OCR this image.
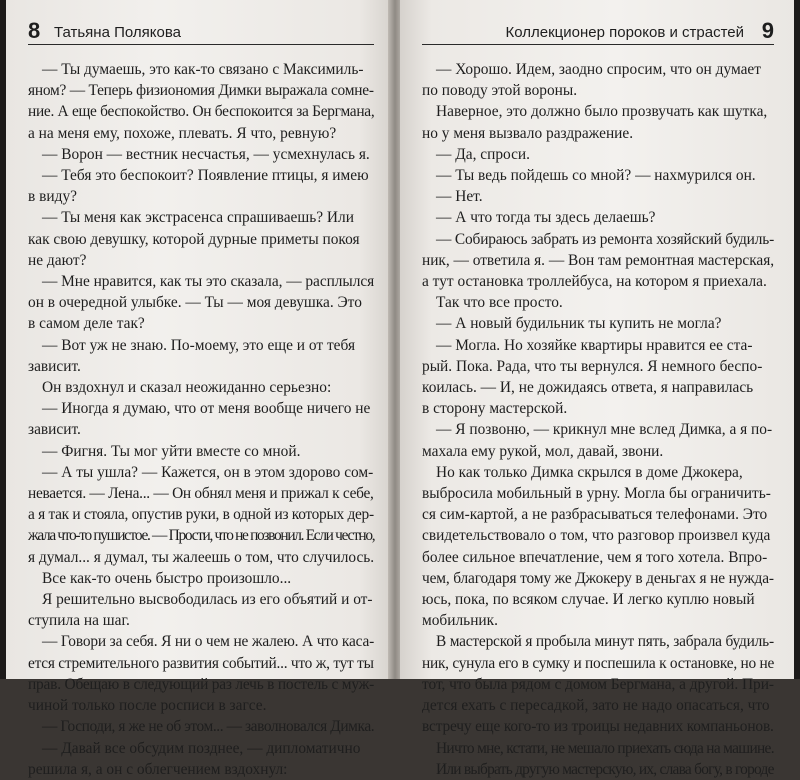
8 Татьяна Полякова
— Ты думаешь, это как-то связано с Максимиль-
яном? — Теперь физиономия Димки выражала сомне-
ние. А еще беспокойство. Он беспокоится за Бергмана,
а на меня ему, похоже, плевать. Я что, ревную?
— Ворон — вестник несчастья, — усмехнулась я.
— Тебя это беспокоит? Появление птицы, я имею
в виду?
— Ты меня как экстрасенса спрашиваешь? Или
как свою девушку, которой дурные приметы покоя
не дают?
— Мне нравится, как ты это сказала, — расплылся
он в очередной улыбке. — Ты — моя девушка. Это
в самом деле так?
— Вот уж не знаю. По-моему, это еще и от тебя
зависит.
Он вздохнул и сказал неожиданно серьезно:
— Иногда я думаю, что от меня вообще ничего не
зависит.
— Фигня. Ты мог уйти вместе со мной.
— А ты ушла? — Кажется, он в этом здорово сом-
невается. — Лена... — Он обнял меня и прижал к себе,
а я так и стояла, опустив руки, в одной из которых дер-
жала что-то пушистое. — Прости, что не позвонил. Если честно,
я думал... я думал, ты жалеешь о том, что случилось.
Все как-то очень быстро произошло...
Я решительно высвободилась из его объятий и от-
ступила на шаг.
— Говори за себя. Я ни о чем не жалею. А что каса-
ется стремительного развития событий... что ж, тут ты
прав. Обещаю в следующий раз лечь в постель с муж-
чиной только после росписи в загсе.
— Господи, я же не об этом... — заволновался Димка.
— Давай все обсудим позднее, — дипломатично
решила я, а он с облегчением вздохнул:
Коллекционер пороков и страстей 9
— Хорошо. Идем, заодно спросим, что он думает
по поводу этой вороны.
Наверное, это должно было прозвучать как шутка,
но у меня вызвало раздражение.
— Да, спроси.
— Ты ведь пойдешь со мной? — нахмурился он.
— Нет.
— А что тогда ты здесь делаешь?
— Собираюсь забрать из ремонта хозяйский будиль-
ник, — ответила я. — Вон там ремонтная мастерская,
а тут остановка троллейбуса, на котором я приехала.
Так что все просто.
— А новый будильник ты купить не могла?
— Могла. Но хозяйке квартиры нравится ее ста-
рый. Пока. Рада, что ты вернулся. Я немного беспо-
коилась. — И, не дожидаясь ответа, я направилась
в сторону мастерской.
— Я позвоню, — крикнул мне вслед Димка, а я по-
махала ему рукой, мол, давай, звони.
Но как только Димка скрылся в доме Джокера,
выбросила мобильный в урну. Могла бы ограничить-
ся сим-картой, а не разбрасываться телефонами. Это
свидетельствовало о том, что разговор произвел куда
более сильное впечатление, чем я того хотела. Впро-
чем, благодаря тому же Джокеру в деньгах я не нужда-
юсь, пока, по всяком случае. И легко куплю новый
мобильник.
В мастерской я пробыла минут пять, забрала будиль-
ник, сунула его в сумку и поспешила к остановке, но не
тот, что была рядом с домом Бергмана, а другой. При-
дется ехать с пересадкой, зато не надо опасаться, что
встречу еще кого-то из троицы недавних компаньонов.
Ничто мне, кстати, не мешало приехать сюда на машине.
Или выбрать другую мастерскую, их, слава богу, в городе
